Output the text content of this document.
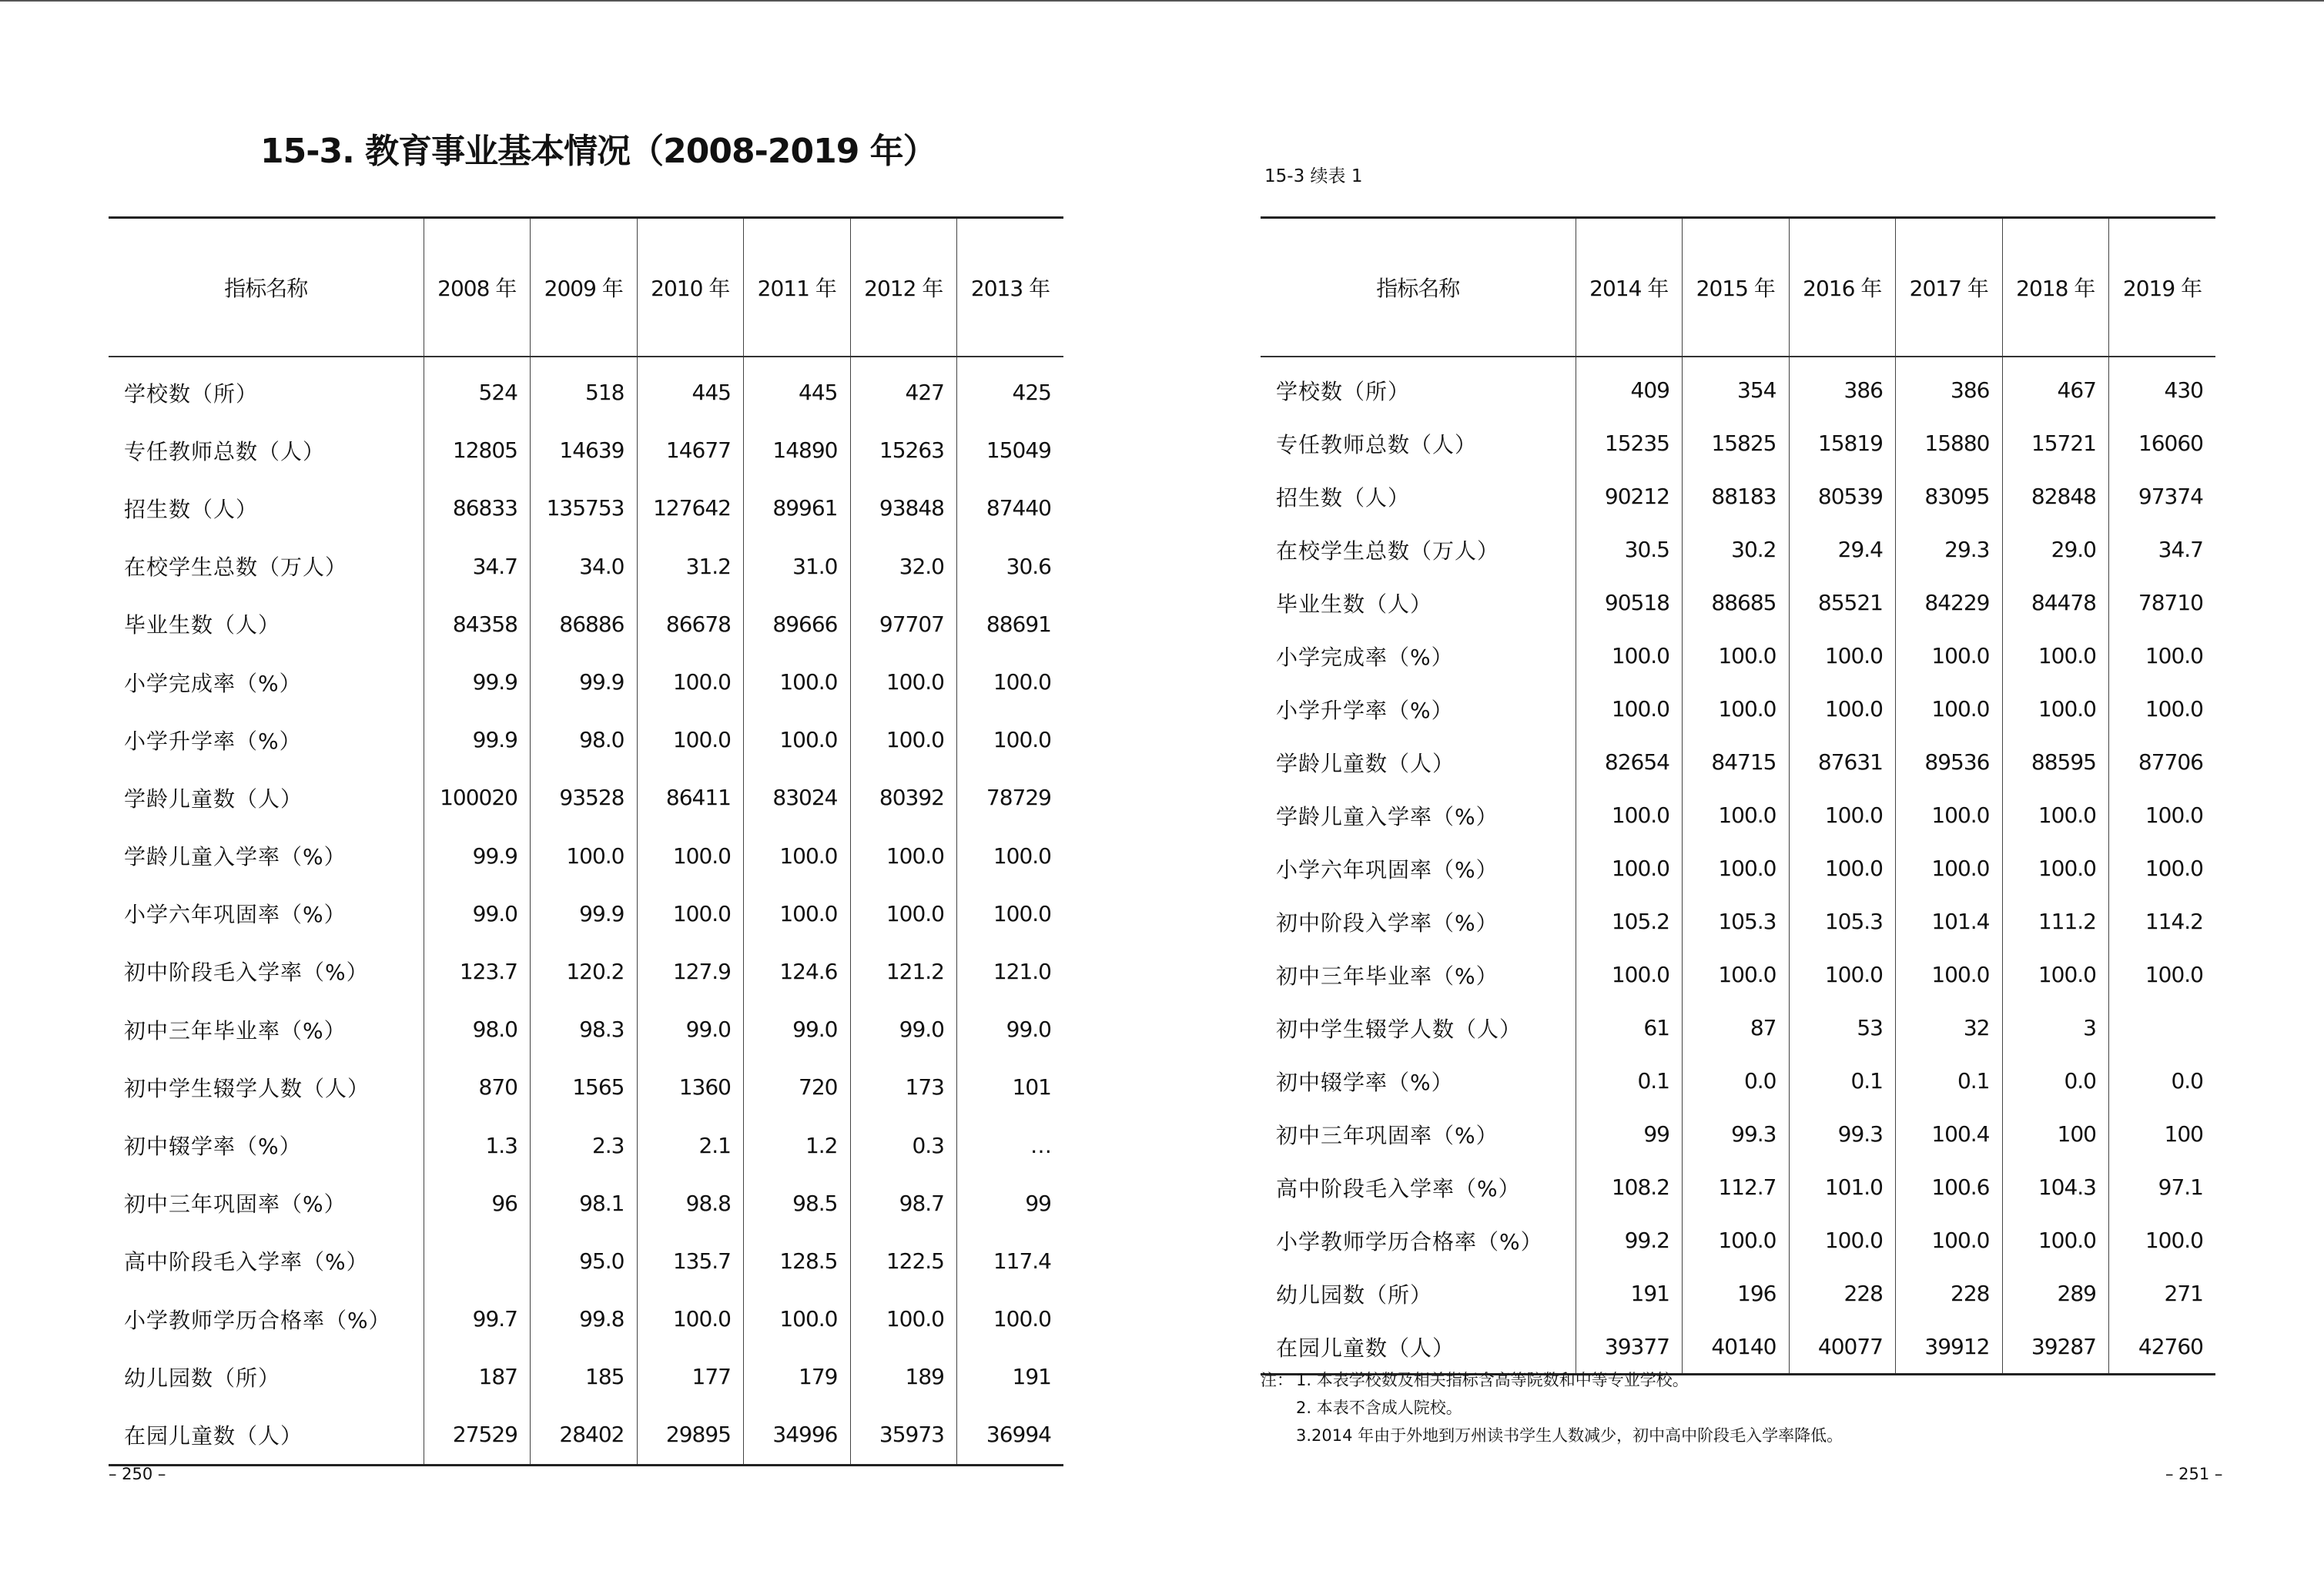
15-3. 教育事业基本情况（2008-2019 年）
指标名称	2008 年	2009 年	2010 年	2011 年	2012 年	2013 年
学校数（所）	524	518	445	445	427	425
专任教师总数（人）	12805	14639	14677	14890	15263	15049
招生数（人）	86833	135753	127642	89961	93848	87440
在校学生总数（万人）	34.7	34.0	31.2	31.0	32.0	30.6
毕业生数（人）	84358	86886	86678	89666	97707	88691
小学完成率（%）	99.9	99.9	100.0	100.0	100.0	100.0
小学升学率（%）	99.9	98.0	100.0	100.0	100.0	100.0
学龄儿童数（人）	100020	93528	86411	83024	80392	78729
学龄儿童入学率（%）	99.9	100.0	100.0	100.0	100.0	100.0
小学六年巩固率（%）	99.0	99.9	100.0	100.0	100.0	100.0
初中阶段毛入学率（%）	123.7	120.2	127.9	124.6	121.2	121.0
初中三年毕业率（%）	98.0	98.3	99.0	99.0	99.0	99.0
初中学生辍学人数（人）	870	1565	1360	720	173	101
初中辍学率（%）	1.3	2.3	2.1	1.2	0.3	…
初中三年巩固率（%）	96	98.1	98.8	98.5	98.7	99
高中阶段毛入学率（%）		95.0	135.7	128.5	122.5	117.4
小学教师学历合格率（%）	99.7	99.8	100.0	100.0	100.0	100.0
幼儿园数（所）	187	185	177	179	189	191
在园儿童数（人）	27529	28402	29895	34996	35973	36994
– 250 –

15-3 续表 1

指标名称	2014 年	2015 年	2016 年	2017 年	2018 年	2019 年
学校数（所）	409	354	386	386	467	430
专任教师总数（人）	15235	15825	15819	15880	15721	16060
招生数（人）	90212	88183	80539	83095	82848	97374
在校学生总数（万人）	30.5	30.2	29.4	29.3	29.0	34.7
毕业生数（人）	90518	88685	85521	84229	84478	78710
小学完成率（%）	100.0	100.0	100.0	100.0	100.0	100.0
小学升学率（%）	100.0	100.0	100.0	100.0	100.0	100.0
学龄儿童数（人）	82654	84715	87631	89536	88595	87706
学龄儿童入学率（%）	100.0	100.0	100.0	100.0	100.0	100.0
小学六年巩固率（%）	100.0	100.0	100.0	100.0	100.0	100.0
初中阶段入学率（%）	105.2	105.3	105.3	101.4	111.2	114.2
初中三年毕业率（%）	100.0	100.0	100.0	100.0	100.0	100.0
初中学生辍学人数（人）	61	87	53	32	3	
初中辍学率（%）	0.1	0.0	0.1	0.1	0.0	0.0
初中三年巩固率（%）	99	99.3	99.3	100.4	100	100
高中阶段毛入学率（%）	108.2	112.7	101.0	100.6	104.3	97.1
小学教师学历合格率（%）	99.2	100.0	100.0	100.0	100.0	100.0
幼儿园数（所）	191	196	228	228	289	271
在园儿童数（人）	39377	40140	40077	39912	39287	42760
注： 1. 本表学校数及相关指标含高等院数和中等专业学校。
2. 本表不含成人院校。
3.2014 年由于外地到万州读书学生人数减少，初中高中阶段毛入学率降低。
– 251 –
